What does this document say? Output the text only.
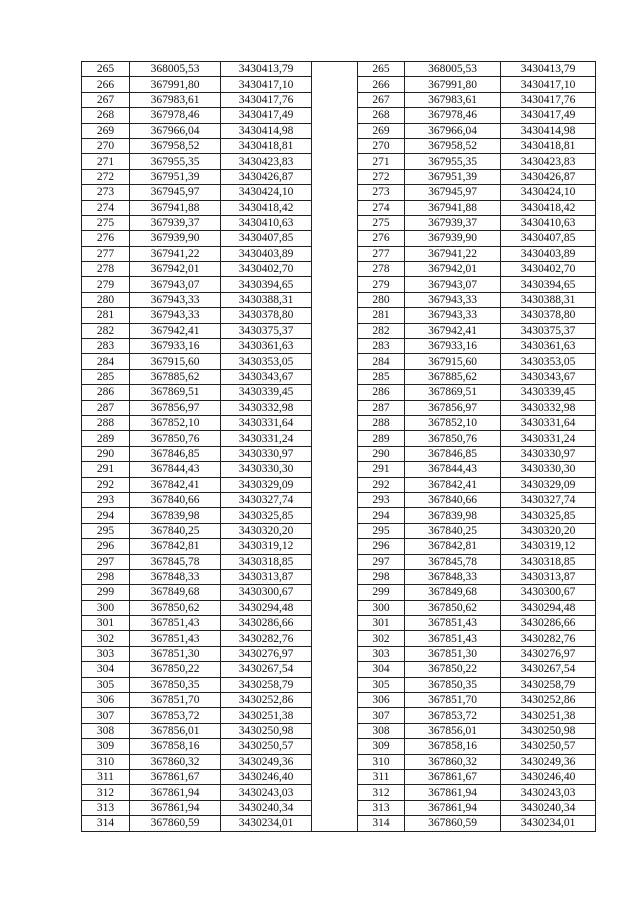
265	368005,53	3430413,79		265	368005,53	3430413,79
266	367991,80	3430417,10		266	367991,80	3430417,10
267	367983,61	3430417,76		267	367983,61	3430417,76
268	367978,46	3430417,49		268	367978,46	3430417,49
269	367966,04	3430414,98		269	367966,04	3430414,98
270	367958,52	3430418,81		270	367958,52	3430418,81
271	367955,35	3430423,83		271	367955,35	3430423,83
272	367951,39	3430426,87		272	367951,39	3430426,87
273	367945,97	3430424,10		273	367945,97	3430424,10
274	367941,88	3430418,42		274	367941,88	3430418,42
275	367939,37	3430410,63		275	367939,37	3430410,63
276	367939,90	3430407,85		276	367939,90	3430407,85
277	367941,22	3430403,89		277	367941,22	3430403,89
278	367942,01	3430402,70		278	367942,01	3430402,70
279	367943,07	3430394,65		279	367943,07	3430394,65
280	367943,33	3430388,31		280	367943,33	3430388,31
281	367943,33	3430378,80		281	367943,33	3430378,80
282	367942,41	3430375,37		282	367942,41	3430375,37
283	367933,16	3430361,63		283	367933,16	3430361,63
284	367915,60	3430353,05		284	367915,60	3430353,05
285	367885,62	3430343,67		285	367885,62	3430343,67
286	367869,51	3430339,45		286	367869,51	3430339,45
287	367856,97	3430332,98		287	367856,97	3430332,98
288	367852,10	3430331,64		288	367852,10	3430331,64
289	367850,76	3430331,24		289	367850,76	3430331,24
290	367846,85	3430330,97		290	367846,85	3430330,97
291	367844,43	3430330,30		291	367844,43	3430330,30
292	367842,41	3430329,09		292	367842,41	3430329,09
293	367840,66	3430327,74		293	367840,66	3430327,74
294	367839,98	3430325,85		294	367839,98	3430325,85
295	367840,25	3430320,20		295	367840,25	3430320,20
296	367842,81	3430319,12		296	367842,81	3430319,12
297	367845,78	3430318,85		297	367845,78	3430318,85
298	367848,33	3430313,87		298	367848,33	3430313,87
299	367849,68	3430300,67		299	367849,68	3430300,67
300	367850,62	3430294,48		300	367850,62	3430294,48
301	367851,43	3430286,66		301	367851,43	3430286,66
302	367851,43	3430282,76		302	367851,43	3430282,76
303	367851,30	3430276,97		303	367851,30	3430276,97
304	367850,22	3430267,54		304	367850,22	3430267,54
305	367850,35	3430258,79		305	367850,35	3430258,79
306	367851,70	3430252,86		306	367851,70	3430252,86
307	367853,72	3430251,38		307	367853,72	3430251,38
308	367856,01	3430250,98		308	367856,01	3430250,98
309	367858,16	3430250,57		309	367858,16	3430250,57
310	367860,32	3430249,36		310	367860,32	3430249,36
311	367861,67	3430246,40		311	367861,67	3430246,40
312	367861,94	3430243,03		312	367861,94	3430243,03
313	367861,94	3430240,34		313	367861,94	3430240,34
314	367860,59	3430234,01		314	367860,59	3430234,01
